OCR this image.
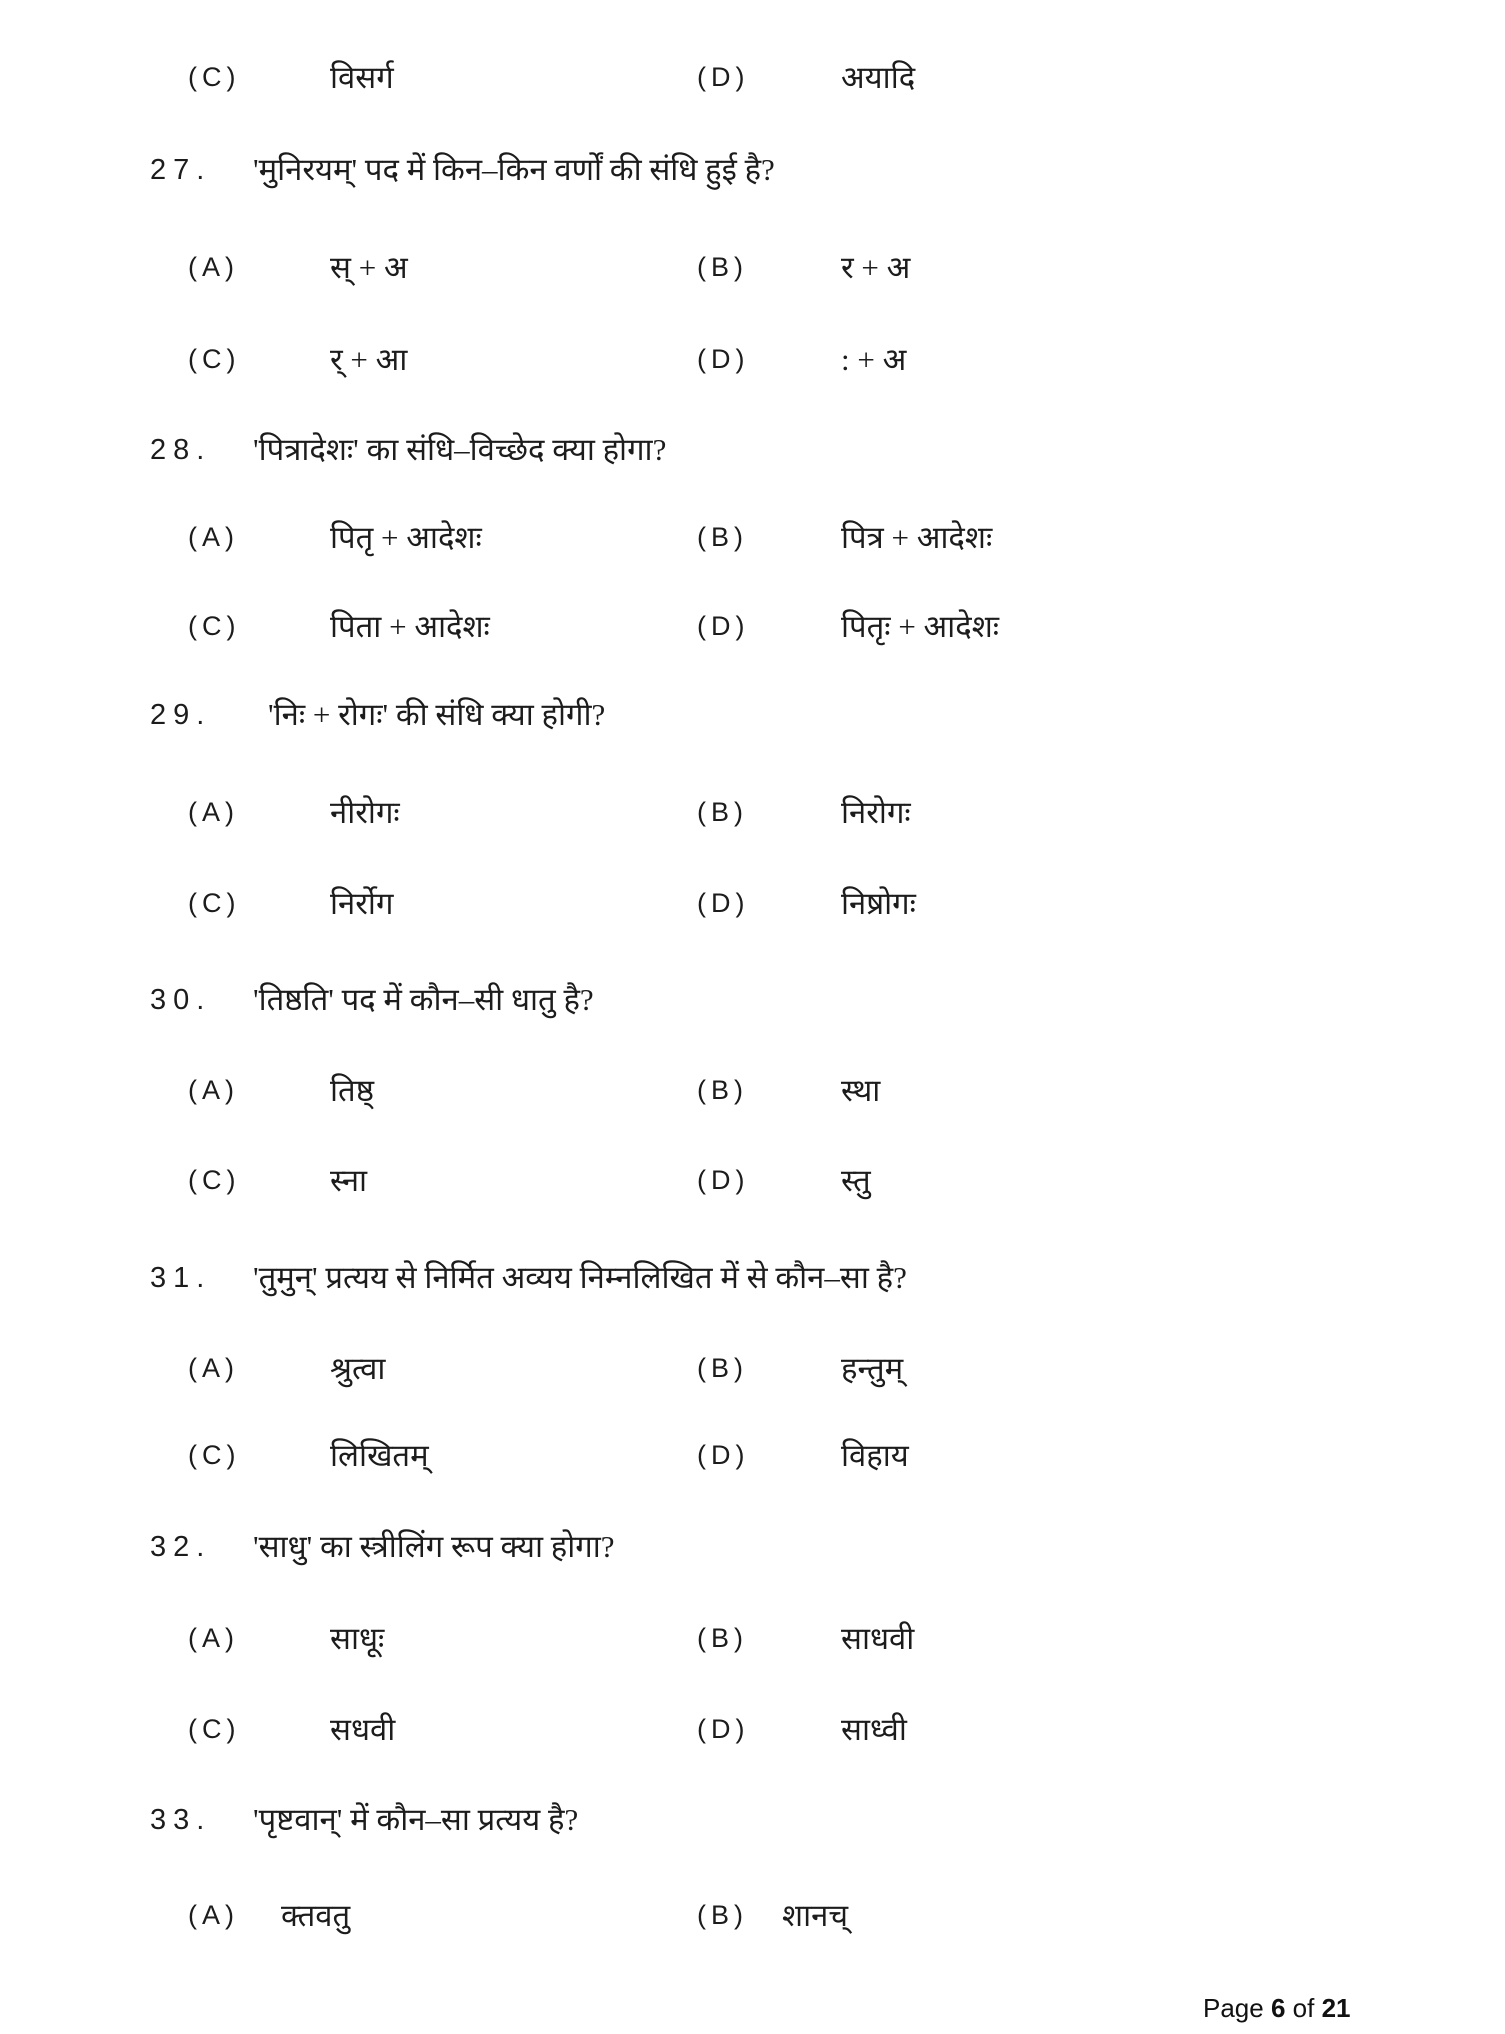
(C)	विसर्ग	(D)	अयादि
27. 'मुनिरयम्' पद में किन–किन वर्णों की संधि हुई है?
(A)	स् + अ	(B)	र + अ
(C)	र् + आ	(D)	: + अ
28. 'पित्रादेशः' का संधि–विच्छेद क्या होगा?
(A)	पितृ + आदेशः	(B)	पित्र + आदेशः
(C)	पिता + आदेशः	(D)	पितृः + आदेशः
29. 'निः + रोगः' की संधि क्या होगी?
(A)	नीरोगः	(B)	निरोगः
(C)	निर्रोग	(D)	निष्रोगः
30. 'तिष्ठति' पद में कौन–सी धातु है?
(A)	तिष्ठ्	(B)	स्था
(C)	स्ना	(D)	स्तु
31. 'तुमुन्' प्रत्यय से निर्मित अव्यय निम्नलिखित में से कौन–सा है?
(A)	श्रुत्वा	(B)	हन्तुम्
(C)	लिखितम्	(D)	विहाय
32. 'साधु' का स्त्रीलिंग रूप क्या होगा?
(A)	साधूः	(B)	साधवी
(C)	सधवी	(D)	साध्वी
33. 'पृष्टवान्' में कौन–सा प्रत्यय है?
(A) क्तवतु	(B) शानच्
Page 6 of 21
